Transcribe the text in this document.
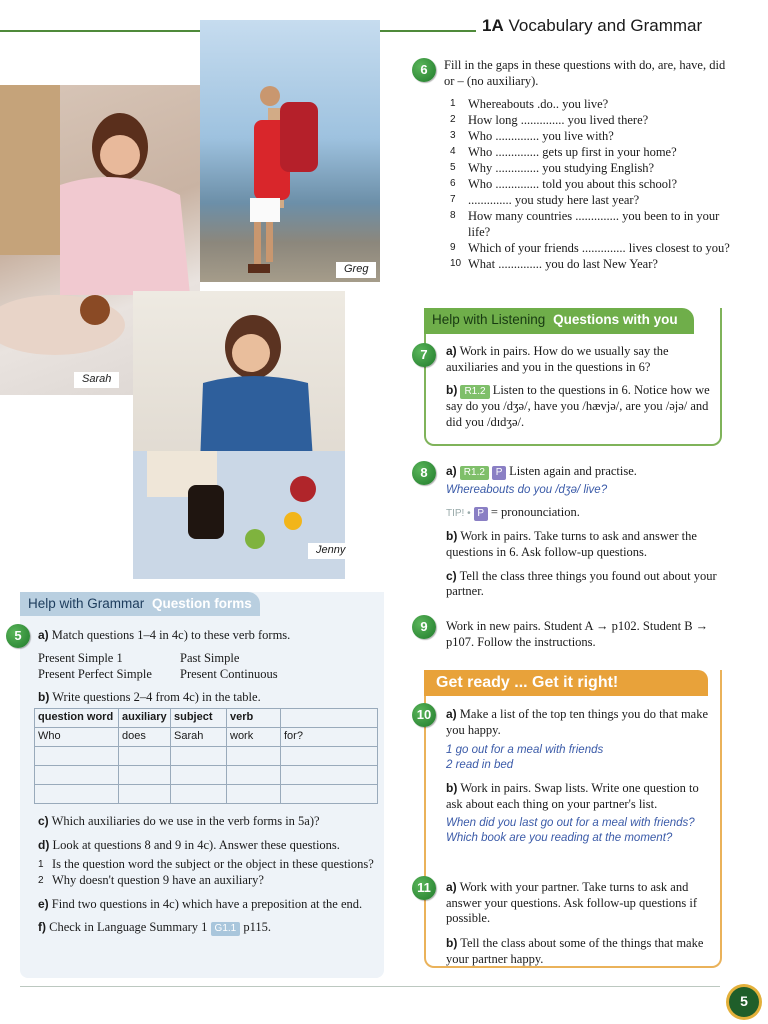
1A Vocabulary and Grammar
Greg
Sarah
Jenny
6	Fill in the gaps in these questions with do, are, have, did or – (no auxiliary).
1 Whereabouts .do.. you live?
2 How long .............. you lived there?
3 Who .............. you live with?
4 Who .............. gets up first in your home?
5 Why .............. you studying English?
6 Who .............. told you about this school?
7 .............. you study here last year?
8 How many countries .............. you been to in your life?
9 Which of your friends .............. lives closest to you?
10 What .............. you do last New Year?
Help with Listening Questions with you
7	a) Work in pairs. How do we usually say the auxiliaries and you in the questions in 6?
b) R1.2 Listen to the questions in 6. Notice how we say do you /dʒə/, have you /hævjə/, are you /əjə/ and did you /dɪdʒə/.
8	a) R1.2 P Listen again and practise.
Whereabouts do you /dʒə/ live?
TIP! • P = pronounciation.
b) Work in pairs. Take turns to ask and answer the questions in 6. Ask follow-up questions.
c) Tell the class three things you found out about your partner.
9	Work in new pairs. Student A → p102. Student B → p107. Follow the instructions.
Get ready ... Get it right!
10	a) Make a list of the top ten things you do that make you happy.
1 go out for a meal with friends
2 read in bed
b) Work in pairs. Swap lists. Write one question to ask about each thing on your partner's list.
When did you last go out for a meal with friends?
Which book are you reading at the moment?
11	a) Work with your partner. Take turns to ask and answer your questions. Ask follow-up questions if possible.
b) Tell the class about some of the things that make your partner happy.
Help with Grammar Question forms
5	a) Match questions 1–4 in 4c) to these verb forms.
Present Simple 1	Past Simple
Present Perfect Simple	Present Continuous
b) Write questions 2–4 from 4c) in the table.
question word	auxiliary	subject	verb	
Who	does	Sarah	work	for?

c) Which auxiliaries do we use in the verb forms in 5a)?
d) Look at questions 8 and 9 in 4c). Answer these questions.
1 Is the question word the subject or the object in these questions?
2 Why doesn't question 9 have an auxiliary?
e) Find two questions in 4c) which have a preposition at the end.
f) Check in Language Summary 1 G1.1 p115.
5
